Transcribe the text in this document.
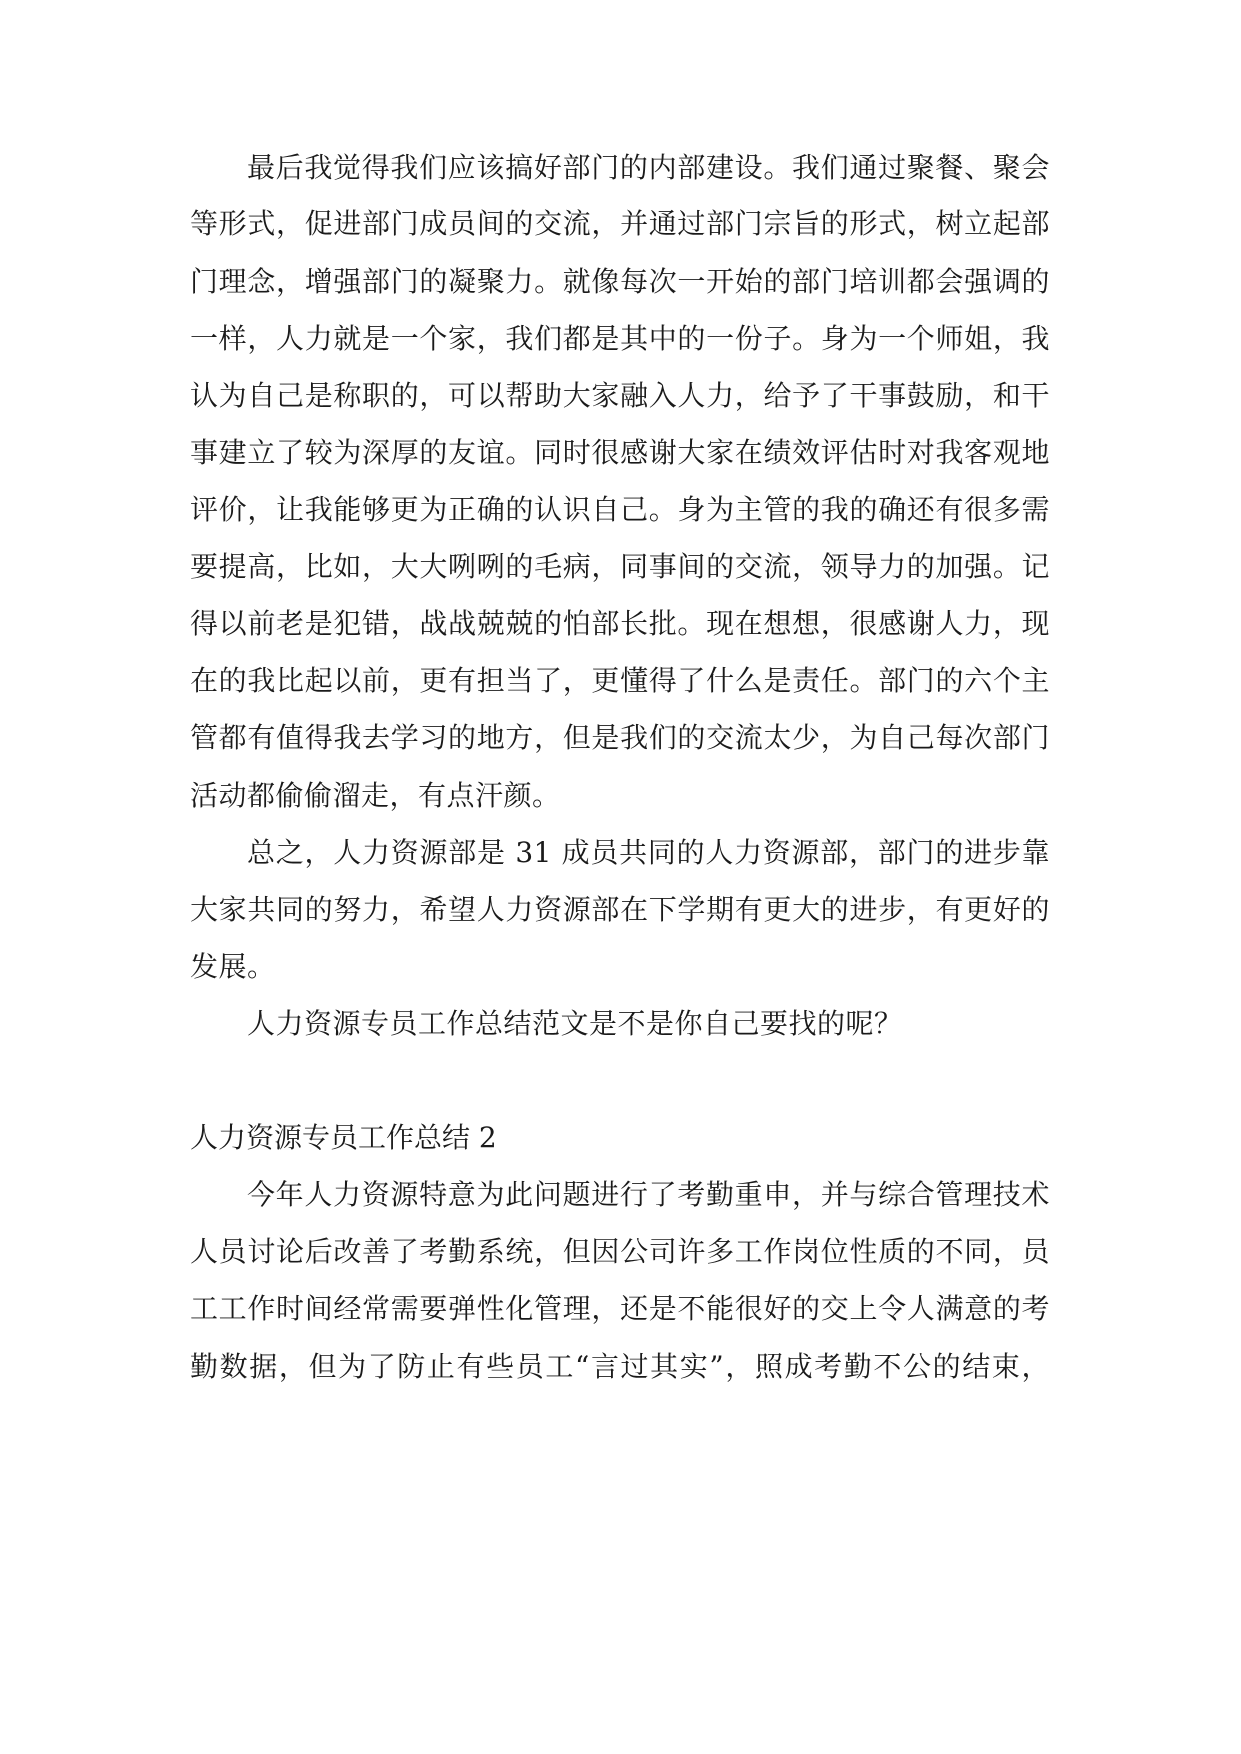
最后我觉得我们应该搞好部门的内部建设。我们通过聚餐、聚会
等形式，促进部门成员间的交流，并通过部门宗旨的形式，树立起部
门理念，增强部门的凝聚力。就像每次一开始的部门培训都会强调的
一样，人力就是一个家，我们都是其中的一份子。身为一个师姐，我
认为自己是称职的，可以帮助大家融入人力，给予了干事鼓励，和干
事建立了较为深厚的友谊。同时很感谢大家在绩效评估时对我客观地
评价，让我能够更为正确的认识自己。身为主管的我的确还有很多需
要提高，比如，大大咧咧的毛病，同事间的交流，领导力的加强。记
得以前老是犯错，战战兢兢的怕部长批。现在想想，很感谢人力，现
在的我比起以前，更有担当了，更懂得了什么是责任。部门的六个主
管都有值得我去学习的地方，但是我们的交流太少，为自己每次部门
活动都偷偷溜走，有点汗颜。
总之，人力资源部是 31 成员共同的人力资源部，部门的进步靠
大家共同的努力，希望人力资源部在下学期有更大的进步，有更好的
发展。
人力资源专员工作总结范文是不是你自己要找的呢？
人力资源专员工作总结 2
今年人力资源特意为此问题进行了考勤重申，并与综合管理技术
人员讨论后改善了考勤系统，但因公司许多工作岗位性质的不同，员
工工作时间经常需要弹性化管理，还是不能很好的交上令人满意的考
勤数据，但为了防止有些员工“言过其实”，照成考勤不公的结束，
